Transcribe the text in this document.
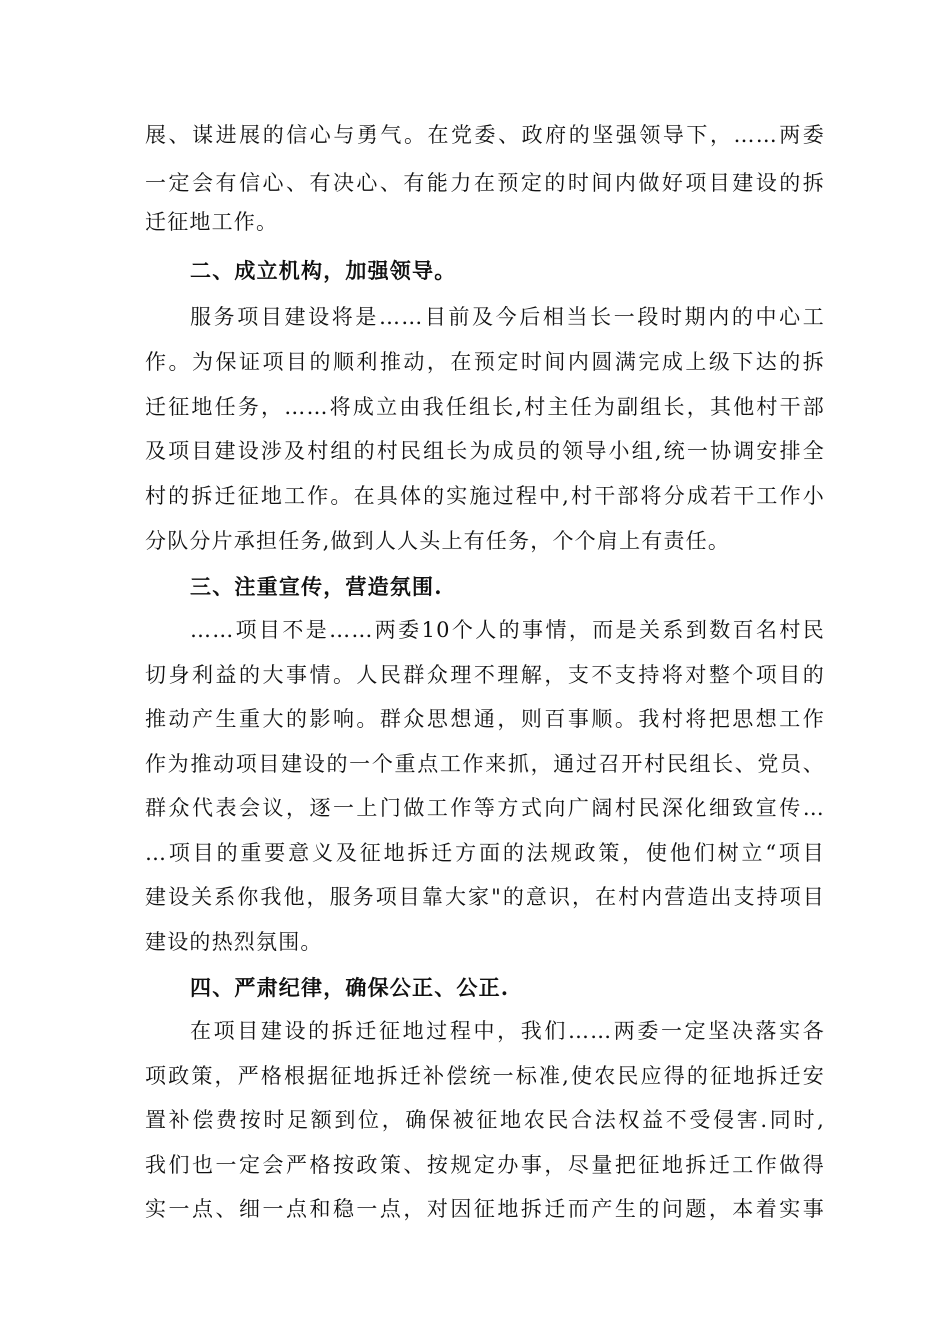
展、谋进展的信心与勇气。在党委、政府的坚强领导下，……两委
一定会有信心、有决心、有能力在预定的时间内做好项目建设的拆
迁征地工作。
二、成立机构，加强领导。
服务项目建设将是……目前及今后相当长一段时期内的中心工
作。为保证项目的顺利推动，在预定时间内圆满完成上级下达的拆
迁征地任务，……将成立由我任组长,村主任为副组长，其他村干部
及项目建设涉及村组的村民组长为成员的领导小组,统一协调安排全
村的拆迁征地工作。在具体的实施过程中,村干部将分成若干工作小
分队分片承担任务,做到人人头上有任务，个个肩上有责任。
三、注重宣传，营造氛围.
……项目不是……两委10个人的事情，而是关系到数百名村民
切身利益的大事情。人民群众理不理解，支不支持将对整个项目的
推动产生重大的影响。群众思想通，则百事顺。我村将把思想工作
作为推动项目建设的一个重点工作来抓，通过召开村民组长、党员、
群众代表会议，逐一上门做工作等方式向广阔村民深化细致宣传…
…项目的重要意义及征地拆迁方面的法规政策，使他们树立“项目
建设关系你我他，服务项目靠大家"的意识，在村内营造出支持项目
建设的热烈氛围。
四、严肃纪律，确保公正、公正.
在项目建设的拆迁征地过程中，我们……两委一定坚决落实各
项政策，严格根据征地拆迁补偿统一标准,使农民应得的征地拆迁安
置补偿费按时足额到位，确保被征地农民合法权益不受侵害.同时,
我们也一定会严格按政策、按规定办事，尽量把征地拆迁工作做得
实一点、细一点和稳一点，对因征地拆迁而产生的问题，本着实事
